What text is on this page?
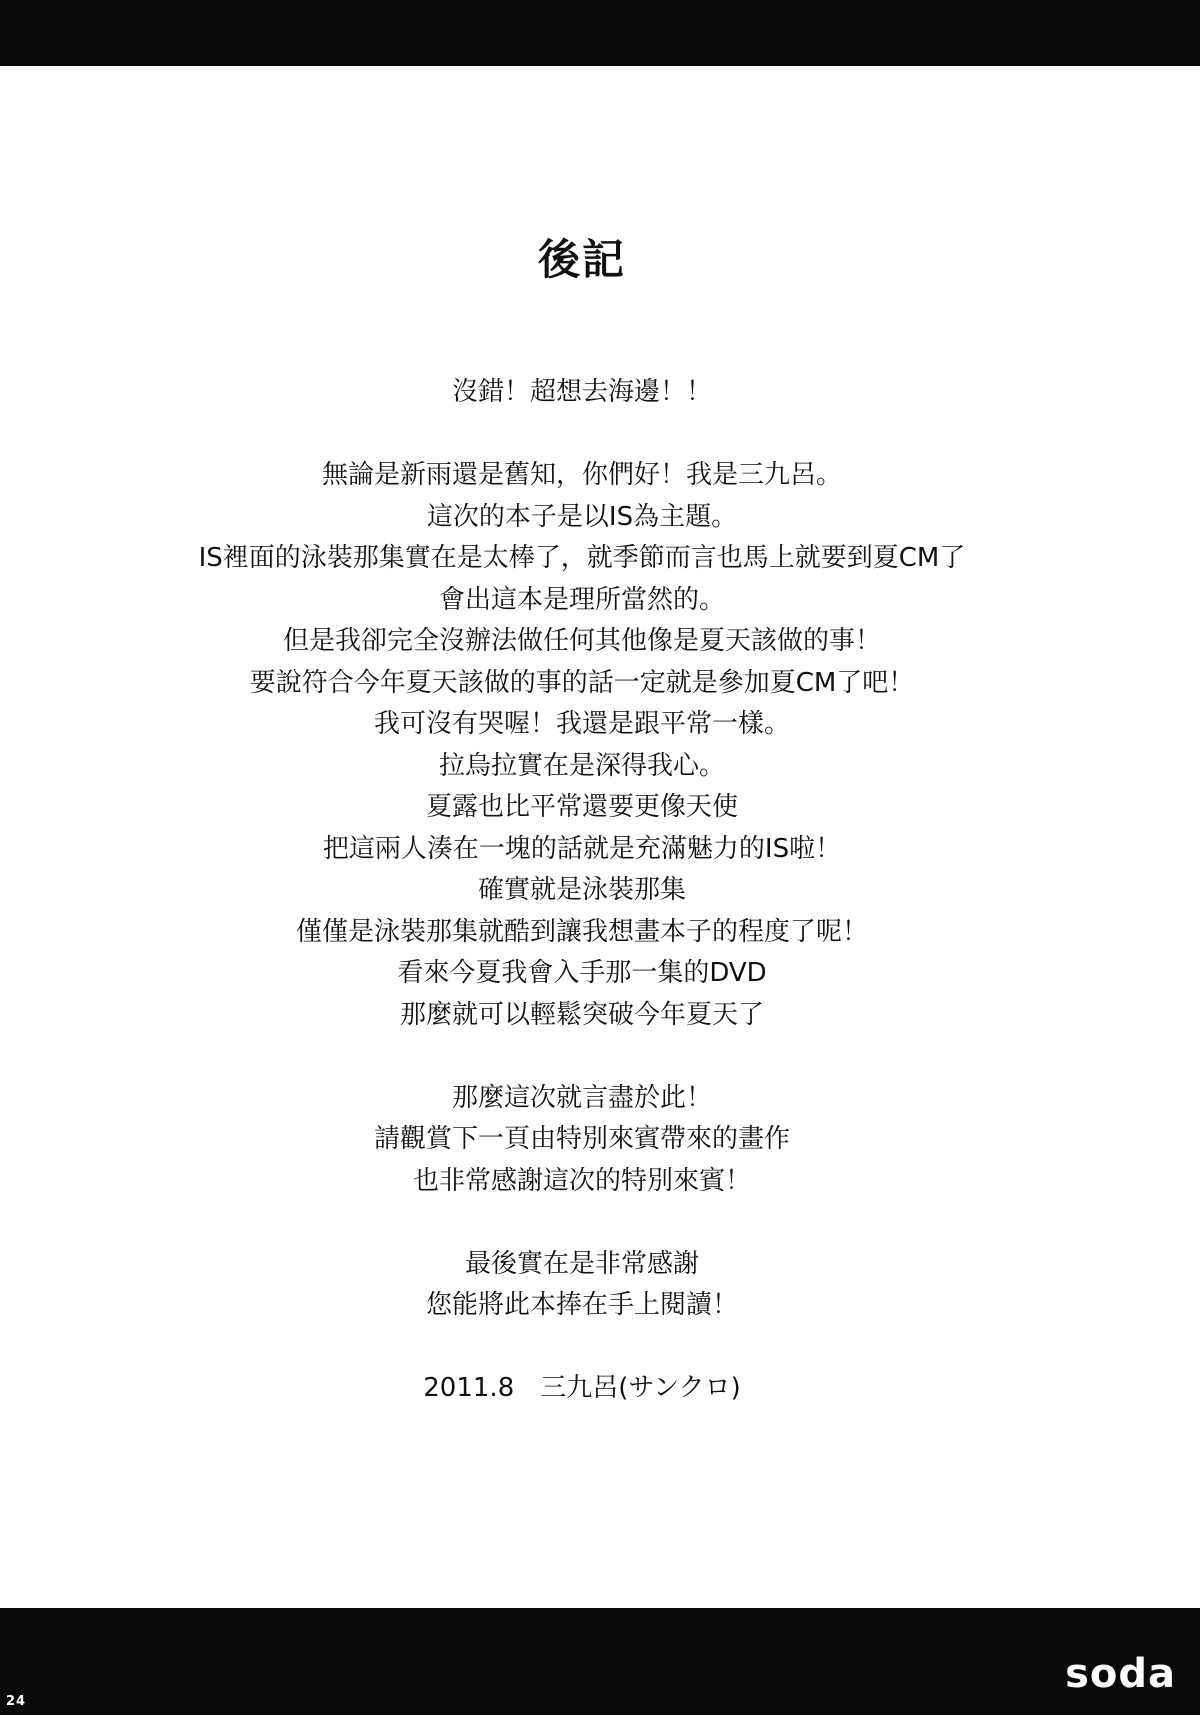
後記
沒錯！超想去海邊！！
無論是新雨還是舊知，你們好！我是三九呂。
這次的本子是以IS為主題。
IS裡面的泳裝那集實在是太棒了，就季節而言也馬上就要到夏CM了
會出這本是理所當然的。
但是我卻完全沒辦法做任何其他像是夏天該做的事！
要說符合今年夏天該做的事的話一定就是參加夏CM了吧！
我可沒有哭喔！我還是跟平常一樣。
拉烏拉實在是深得我心。
夏露也比平常還要更像天使
把這兩人湊在一塊的話就是充滿魅力的IS啦！
確實就是泳裝那集
僅僅是泳裝那集就酷到讓我想畫本子的程度了呢！
看來今夏我會入手那一集的DVD
那麼就可以輕鬆突破今年夏天了
那麼這次就言盡於此！
請觀賞下一頁由特別來賓帶來的畫作
也非常感謝這次的特別來賓！
最後實在是非常感謝
您能將此本捧在手上閱讀！
2011.8　三九呂(サンクロ)
24
soda
